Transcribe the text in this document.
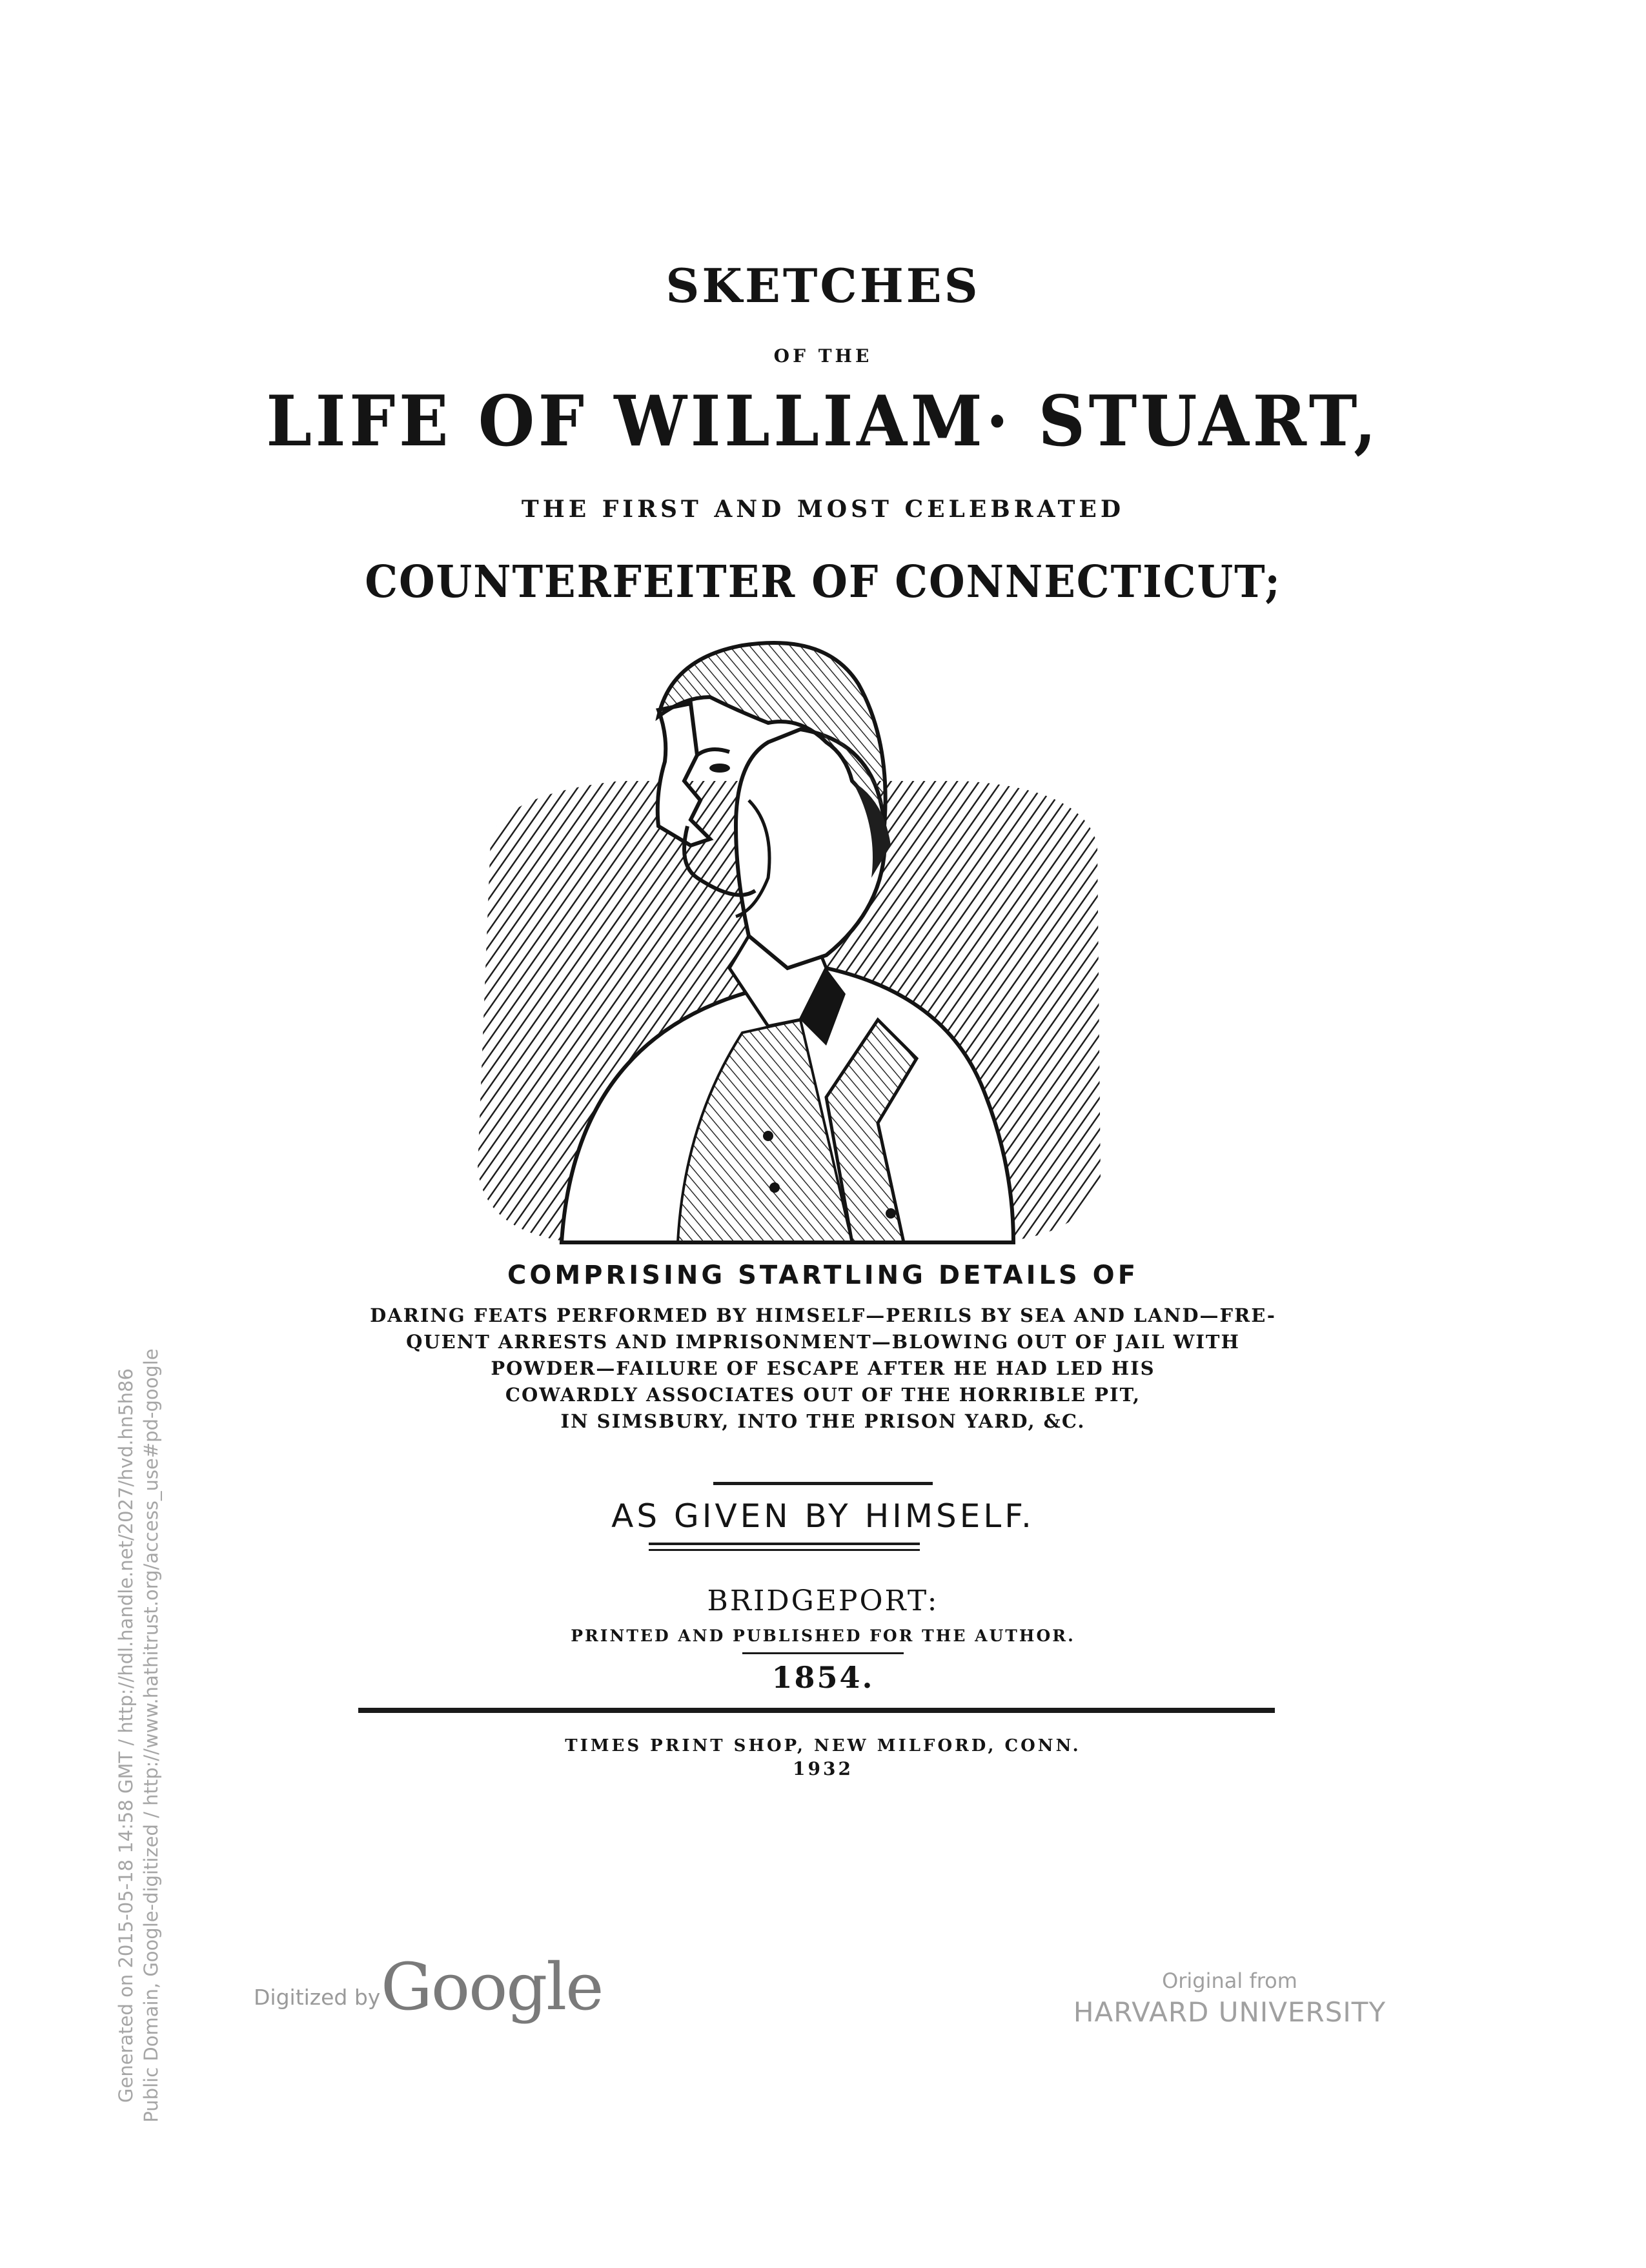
SKETCHES
OF THE
LIFE OF WILLIAM· STUART,
THE FIRST AND MOST CELEBRATED
COUNTERFEITER OF CONNECTICUT;
COMPRISING STARTLING DETAILS OF
DARING FEATS PERFORMED BY HIMSELF—PERILS BY SEA AND LAND—FRE-
QUENT ARRESTS AND IMPRISONMENT—BLOWING OUT OF JAIL WITH
POWDER—FAILURE OF ESCAPE AFTER HE HAD LED HIS
COWARDLY ASSOCIATES OUT OF THE HORRIBLE PIT,
IN SIMSBURY, INTO THE PRISON YARD, &C.
AS GIVEN BY HIMSELF.
BRIDGEPORT:
PRINTED AND PUBLISHED FOR THE AUTHOR.
1854.
TIMES PRINT SHOP, NEW MILFORD, CONN.
1932
Generated on 2015-05-18 14:58 GMT / http://hdl.handle.net/2027/hvd.hn5h86 Public Domain, Google-digitized / http://www.hathitrust.org/access_use#pd-google	Digitized by Google	Original from
HARVARD UNIVERSITY
